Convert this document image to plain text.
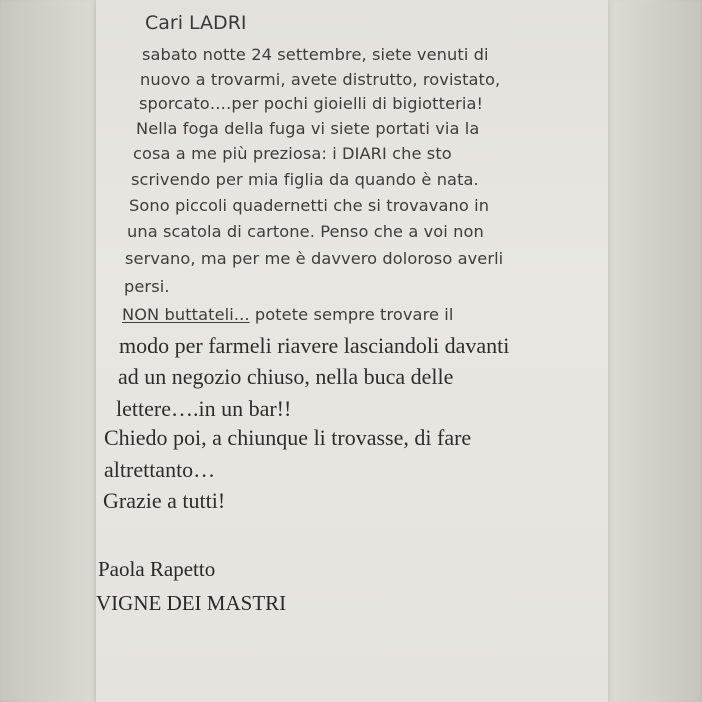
Cari LADRI
sabato notte 24 settembre, siete venuti di
nuovo a trovarmi, avete distrutto, rovistato,
sporcato….per pochi gioielli di bigiotteria!
Nella foga della fuga vi siete portati via la
cosa a me più preziosa: i DIARI che sto
scrivendo per mia figlia da quando è nata.
Sono piccoli quadernetti che si trovavano in
una scatola di cartone. Penso che a voi non
servano, ma per me è davvero doloroso averli
persi.
NON buttateli... potete sempre trovare il
modo per farmeli riavere lasciandoli davanti
ad un negozio chiuso, nella buca delle
lettere….in un bar!!
Chiedo poi, a chiunque li trovasse, di fare
altrettanto…
Grazie a tutti!
Paola Rapetto
VIGNE DEI MASTRI
